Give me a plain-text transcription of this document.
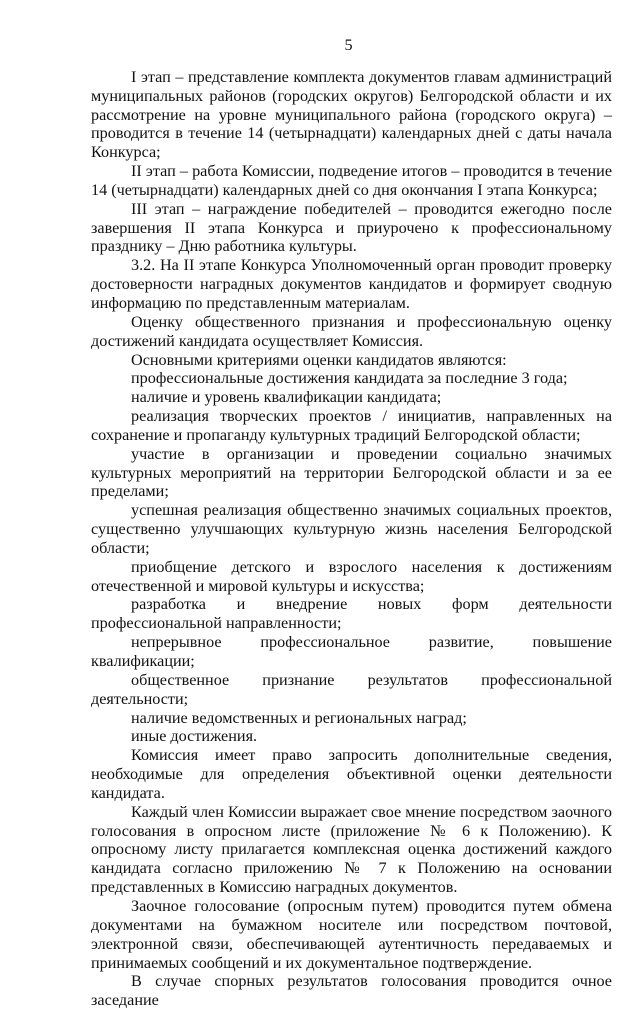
5

I этап – представление комплекта документов главам администраций муниципальных районов (городских округов) Белгородской области и их рассмотрение на уровне муниципального района (городского округа) – проводится в течение 14 (четырнадцати) календарных дней с даты начала Конкурса;

II этап – работа Комиссии, подведение итогов – проводится в течение 14 (четырнадцати) календарных дней со дня окончания I этапа Конкурса;

III этап – награждение победителей – проводится ежегодно после завершения II этапа Конкурса и приурочено к профессиональному празднику – Дню работника культуры.

3.2. На II этапе Конкурса Уполномоченный орган проводит проверку достоверности наградных документов кандидатов и формирует сводную информацию по представленным материалам.

Оценку общественного признания и профессиональную оценку достижений кандидата осуществляет Комиссия.

Основными критериями оценки кандидатов являются:

профессиональные достижения кандидата за последние 3 года;

наличие и уровень квалификации кандидата;

реализация творческих проектов / инициатив, направленных на сохранение и пропаганду культурных традиций Белгородской области;

участие в организации и проведении социально значимых культурных мероприятий на территории Белгородской области и за ее пределами;

успешная реализация общественно значимых социальных проектов, существенно улучшающих культурную жизнь населения Белгородской области;

приобщение детского и взрослого населения к достижениям отечественной и мировой культуры и искусства;

разработка и внедрение новых форм деятельности профессиональной направленности;

непрерывное профессиональное развитие, повышение квалификации;

общественное признание результатов профессиональной деятельности;

наличие ведомственных и региональных наград;

иные достижения.

Комиссия имеет право запросить дополнительные сведения, необходимые для определения объективной оценки деятельности кандидата.

Каждый член Комиссии выражает свое мнение посредством заочного голосования в опросном листе (приложение № 6 к Положению). К опросному листу прилагается комплексная оценка достижений каждого кандидата согласно приложению № 7 к Положению на основании представленных в Комиссию наградных документов.

Заочное голосование (опросным путем) проводится путем обмена документами на бумажном носителе или посредством почтовой, электронной связи, обеспечивающей аутентичность передаваемых и принимаемых сообщений и их документальное подтверждение.

В случае спорных результатов голосования проводится очное заседание
